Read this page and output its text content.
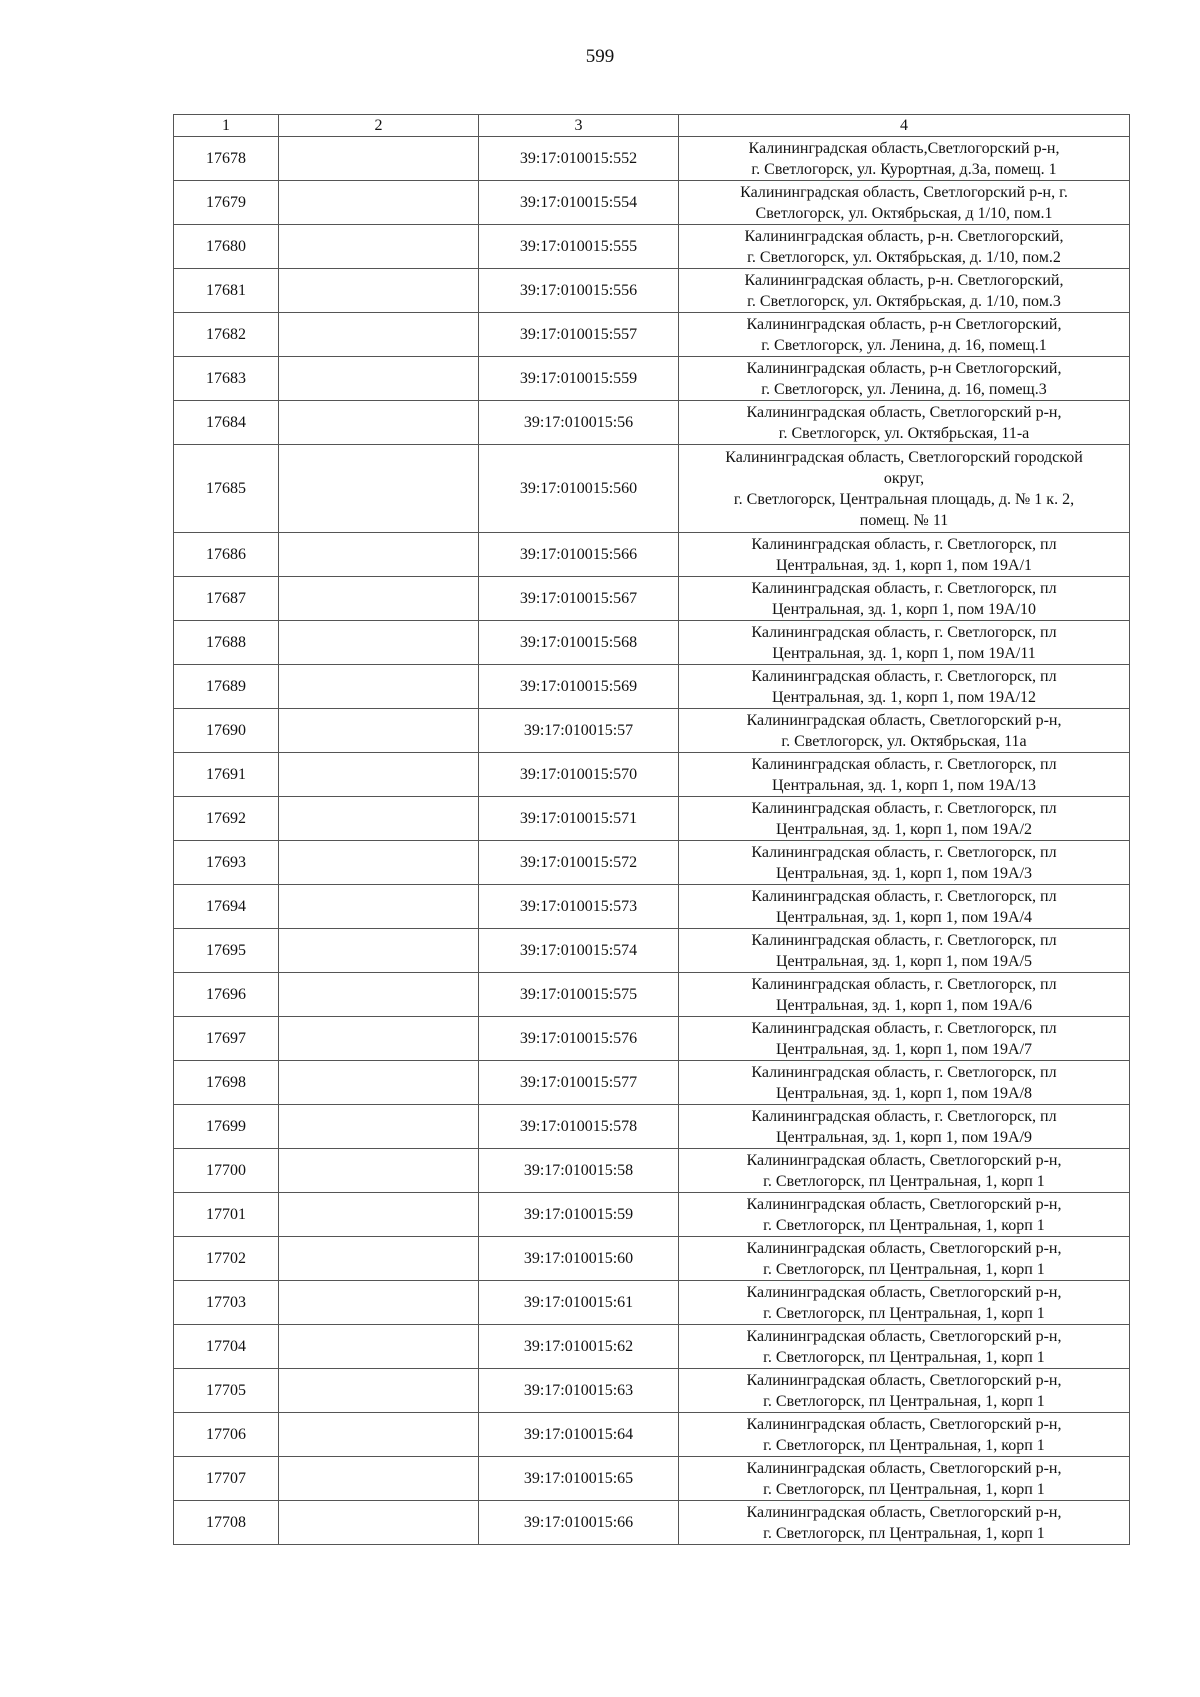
599
1	2	3	4
17678		39:17:010015:552	Калининградская область,Светлогорский р-н,
г. Светлогорск, ул. Курортная, д.3а, помещ. 1

17679		39:17:010015:554	Калининградская область, Светлогорский р-н, г.
Светлогорск, ул. Октябрьская, д 1/10, пом.1

17680		39:17:010015:555	Калининградская область, р-н. Светлогорский,
г. Светлогорск, ул. Октябрьская, д. 1/10, пом.2

17681		39:17:010015:556	Калининградская область, р-н. Светлогорский,
г. Светлогорск, ул. Октябрьская, д. 1/10, пом.3

17682		39:17:010015:557	Калининградская область, р-н Светлогорский,
г. Светлогорск, ул. Ленина, д. 16, помещ.1

17683		39:17:010015:559	Калининградская область, р-н Светлогорский,
г. Светлогорск, ул. Ленина, д. 16, помещ.3

17684		39:17:010015:56	Калининградская область, Светлогорский р-н,
г. Светлогорск, ул. Октябрьская, 11-а

17685		39:17:010015:560	Калининградская область, Светлогорский городской
округ,
г. Светлогорск, Центральная площадь, д. № 1 к. 2,
помещ. № 11

17686		39:17:010015:566	Калининградская область, г. Светлогорск, пл
Центральная, зд. 1, корп 1, пом 19А/1

17687		39:17:010015:567	Калининградская область, г. Светлогорск, пл
Центральная, зд. 1, корп 1, пом 19А/10

17688		39:17:010015:568	Калининградская область, г. Светлогорск, пл
Центральная, зд. 1, корп 1, пом 19А/11

17689		39:17:010015:569	Калининградская область, г. Светлогорск, пл
Центральная, зд. 1, корп 1, пом 19А/12

17690		39:17:010015:57	Калининградская область, Светлогорский р-н,
г. Светлогорск, ул. Октябрьская, 11а

17691		39:17:010015:570	Калининградская область, г. Светлогорск, пл
Центральная, зд. 1, корп 1, пом 19А/13

17692		39:17:010015:571	Калининградская область, г. Светлогорск, пл
Центральная, зд. 1, корп 1, пом 19А/2

17693		39:17:010015:572	Калининградская область, г. Светлогорск, пл
Центральная, зд. 1, корп 1, пом 19А/3

17694		39:17:010015:573	Калининградская область, г. Светлогорск, пл
Центральная, зд. 1, корп 1, пом 19А/4

17695		39:17:010015:574	Калининградская область, г. Светлогорск, пл
Центральная, зд. 1, корп 1, пом 19А/5

17696		39:17:010015:575	Калининградская область, г. Светлогорск, пл
Центральная, зд. 1, корп 1, пом 19А/6

17697		39:17:010015:576	Калининградская область, г. Светлогорск, пл
Центральная, зд. 1, корп 1, пом 19А/7

17698		39:17:010015:577	Калининградская область, г. Светлогорск, пл
Центральная, зд. 1, корп 1, пом 19А/8

17699		39:17:010015:578	Калининградская область, г. Светлогорск, пл
Центральная, зд. 1, корп 1, пом 19А/9

17700		39:17:010015:58	Калининградская область, Светлогорский р-н,
г. Светлогорск, пл Центральная, 1, корп 1

17701		39:17:010015:59	Калининградская область, Светлогорский р-н,
г. Светлогорск, пл Центральная, 1, корп 1

17702		39:17:010015:60	Калининградская область, Светлогорский р-н,
г. Светлогорск, пл Центральная, 1, корп 1

17703		39:17:010015:61	Калининградская область, Светлогорский р-н,
г. Светлогорск, пл Центральная, 1, корп 1

17704		39:17:010015:62	Калининградская область, Светлогорский р-н,
г. Светлогорск, пл Центральная, 1, корп 1

17705		39:17:010015:63	Калининградская область, Светлогорский р-н,
г. Светлогорск, пл Центральная, 1, корп 1

17706		39:17:010015:64	Калининградская область, Светлогорский р-н,
г. Светлогорск, пл Центральная, 1, корп 1

17707		39:17:010015:65	Калининградская область, Светлогорский р-н,
г. Светлогорск, пл Центральная, 1, корп 1

17708		39:17:010015:66	Калининградская область, Светлогорский р-н,
г. Светлогорск, пл Центральная, 1, корп 1
